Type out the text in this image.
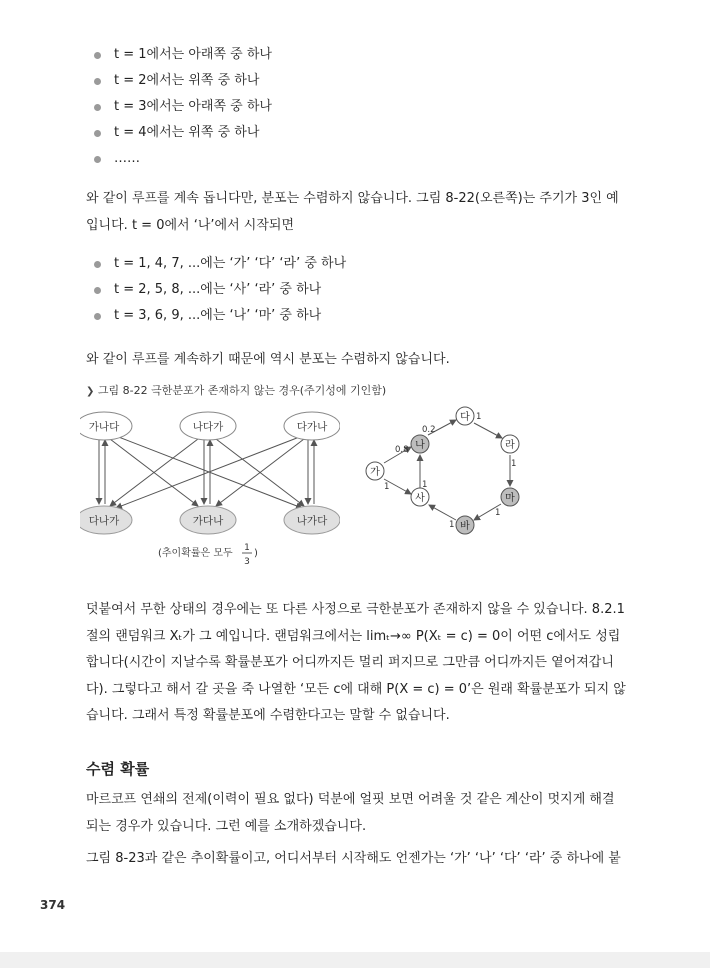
t = 1에서는 아래쪽 중 하나
t = 2에서는 위쪽 중 하나
t = 3에서는 아래쪽 중 하나
t = 4에서는 위쪽 중 하나
……

와 같이 루프를 계속 돕니다만, 분포는 수렴하지 않습니다. 그림 8-22(오른쪽)는 주기가 3인 예
입니다. t = 0에서 ‘나’에서 시작되면

t = 1, 4, 7, ...에는 ‘가’ ‘다’ ‘라’ 중 하나
t = 2, 5, 8, ...에는 ‘사’ ‘라’ 중 하나
t = 3, 6, 9, ...에는 ‘나’ ‘마’ 중 하나

와 같이 루프를 계속하기 때문에 역시 분포는 수렴하지 않습니다.

❯ 그림 8-22 극한분포가 존재하지 않는 경우(주기성에 기인함)
가나다	나다가	다가나
다나가	가다나	나가다
(추이확률은 모두 1
3
)
다
라
마
바
사
가
나
0.2
1
1
1
1
1
0.8
1

덧붙여서 무한 상태의 경우에는 또 다른 사정으로 극한분포가 존재하지 않을 수 있습니다. 8.2.1
절의 랜덤워크 Xₜ가 그 예입니다. 랜덤워크에서는 limₜ→∞ P(Xₜ = c) = 0이 어떤 c에서도 성립
합니다(시간이 지날수록 확률분포가 어디까지든 멀리 퍼지므로 그만큼 어디까지든 옅어져갑니
다). 그렇다고 해서 갈 곳을 죽 나열한 ‘모든 c에 대해 P(X = c) = 0’은 원래 확률분포가 되지 않
습니다. 그래서 특정 확률분포에 수렴한다고는 말할 수 없습니다.

수렴 확률

마르코프 연쇄의 전제(이력이 필요 없다) 덕분에 얼핏 보면 어려울 것 같은 계산이 멋지게 해결
되는 경우가 있습니다. 그런 예를 소개하겠습니다.

그림 8-23과 같은 추이확률이고, 어디서부터 시작해도 언젠가는 ‘가’ ‘나’ ‘다’ ‘라’ 중 하나에 붙

374
